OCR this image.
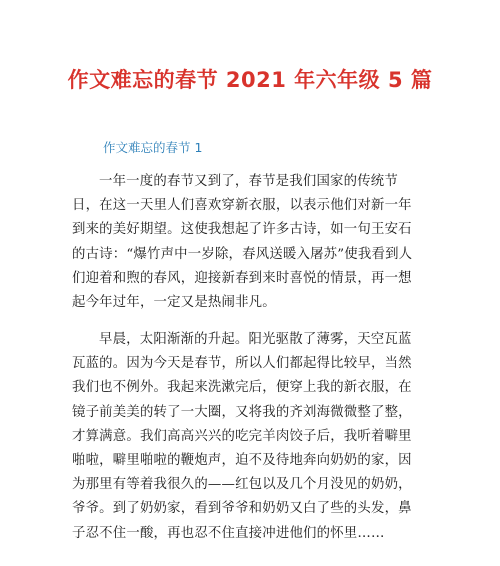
作文难忘的春节 2021 年六年级 5 篇
作文难忘的春节 1

一年一度的春节又到了，春节是我们国家的传统节日，在这一天里人们喜欢穿新衣服，以表示他们对新一年到来的美好期望。这使我想起了许多古诗，如一句王安石的古诗：“爆竹声中一岁除，春风送暖入屠苏”使我看到人们迎着和煦的春风，迎接新春到来时喜悦的情景，再一想起今年过年，一定又是热闹非凡。

早晨，太阳渐渐的升起。阳光驱散了薄雾，天空瓦蓝瓦蓝的。因为今天是春节，所以人们都起得比较早，当然我们也不例外。我起来洗漱完后，便穿上我的新衣服，在镜子前美美的转了一大圈，又将我的齐刘海微微整了整，才算满意。我们高高兴兴的吃完羊肉饺子后，我听着噼里啪啦，噼里啪啦的鞭炮声，迫不及待地奔向奶奶的家，因为那里有等着我很久的——红包以及几个月没见的奶奶，爷爷。到了奶奶家，看到爷爷和奶奶又白了些的头发，鼻子忍不住一酸，再也忍不住直接冲进他们的怀里……
